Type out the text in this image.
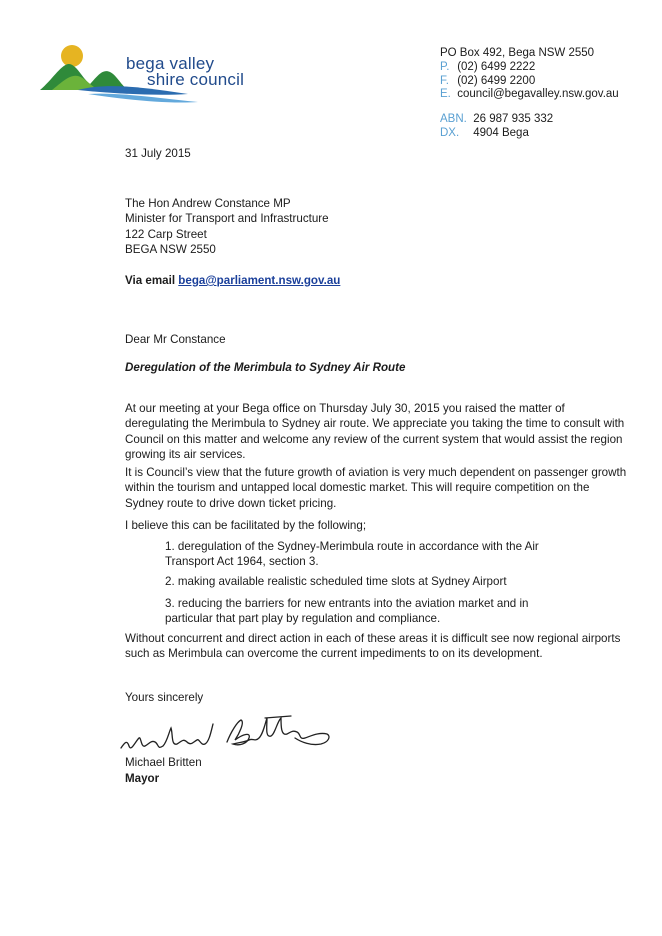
bega valley
shire council
PO Box 492, Bega NSW 2550
P. (02) 6499 2222
F. (02) 6499 2200
E. council@begavalley.nsw.gov.au
ABN. 26 987 935 332
DX. 4904 Bega
31 July 2015
The Hon Andrew Constance MP
Minister for Transport and Infrastructure
122 Carp Street
BEGA NSW 2550
Via email bega@parliament.nsw.gov.au
Dear Mr Constance
Deregulation of the Merimbula to Sydney Air Route
At our meeting at your Bega office on Thursday July 30, 2015 you raised the matter of deregulating the Merimbula to Sydney air route. We appreciate you taking the time to consult with Council on this matter and welcome any review of the current system that would assist the region growing its air services.
It is Council’s view that the future growth of aviation is very much dependent on passenger growth within the tourism and untapped local domestic market. This will require competition on the Sydney route to drive down ticket pricing.
I believe this can be facilitated by the following;
1. deregulation of the Sydney-Merimbula route in accordance with the Air Transport Act 1964, section 3.
2. making available realistic scheduled time slots at Sydney Airport
3. reducing the barriers for new entrants into the aviation market and in particular that part play by regulation and compliance.
Without concurrent and direct action in each of these areas it is difficult see now regional airports such as Merimbula can overcome the current impediments to on its development.
Yours sincerely
Michael Britten
Mayor
